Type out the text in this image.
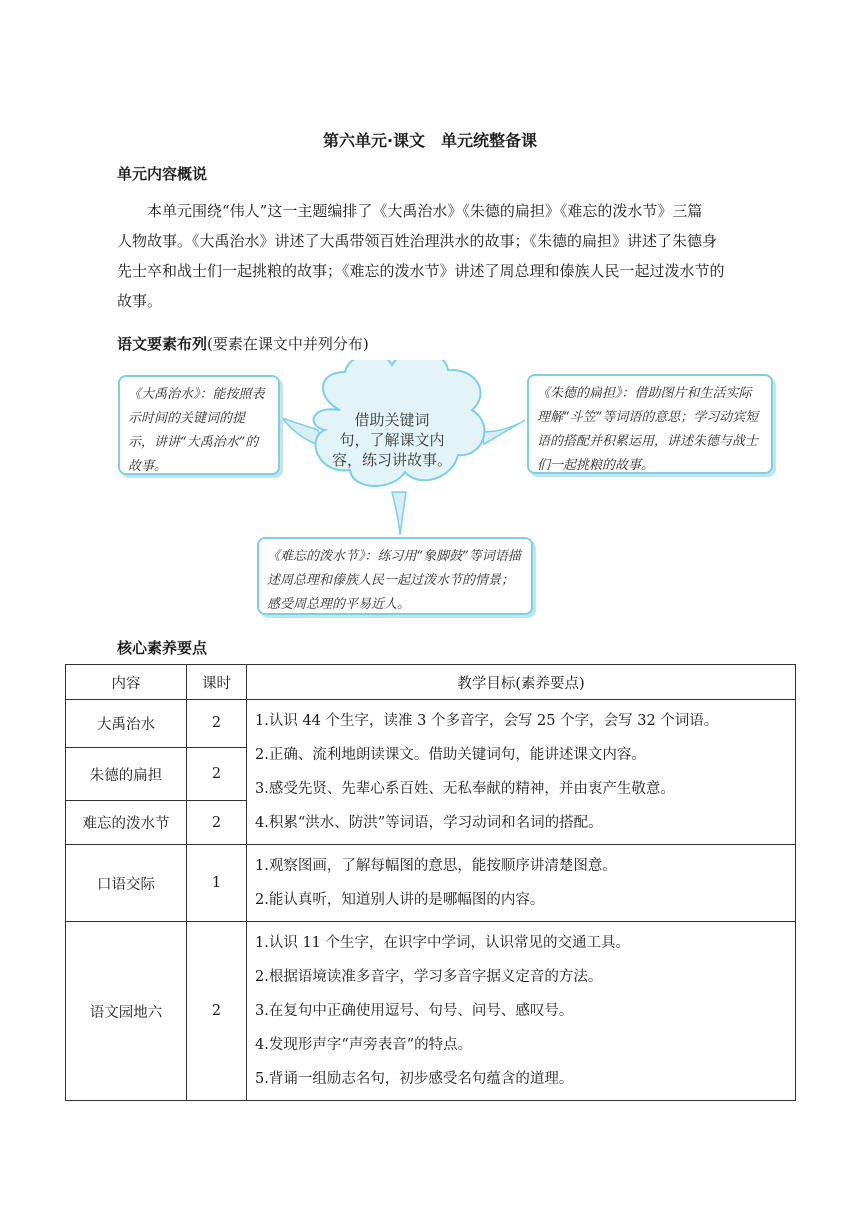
第六单元·课文　单元统整备课
单元内容概说

　　本单元围绕“伟人”这一主题编排了《大禹治水》《朱德的扁担》《难忘的泼水节》三篇

人物故事。《大禹治水》讲述了大禹带领百姓治理洪水的故事；《朱德的扁担》讲述了朱德身

先士卒和战士们一起挑粮的故事；《难忘的泼水节》讲述了周总理和傣族人民一起过泼水节的

故事。

语文要素布列(要素在课文中并列分布)
借助关键词
句，了解课文内
容，练习讲故事。
《大禹治水》：能按照表示时间的关键词的提示，讲讲“大禹治水”的故事。
《朱德的扁担》：借助图片和生活实际理解“斗笠”等词语的意思；学习动宾短语的搭配并积累运用，讲述朱德与战士们一起挑粮的故事。
《难忘的泼水节》：练习用“象脚鼓”等词语描述周总理和傣族人民一起过泼水节的情景；感受周总理的平易近人。
核心素养要点
内容	课时	教学目标(素养要点)
大禹治水	2	1.认识 44 个生字，读准 3 个多音字，会写 25 个字，会写 32 个词语。
2.正确、流利地朗读课文。借助关键词句，能讲述课文内容。
3.感受先贤、先辈心系百姓、无私奉献的精神，并由衷产生敬意。
4.积累“洪水、防洪”等词语，学习动词和名词的搭配。

朱德的扁担	2	
难忘的泼水节	2	
口语交际	1	1.观察图画，了解每幅图的意思，能按顺序讲清楚图意。
2.能认真听，知道别人讲的是哪幅图的内容。

语文园地六	2	1.认识 11 个生字，在识字中学词，认识常见的交通工具。
2.根据语境读准多音字，学习多音字据义定音的方法。
3.在复句中正确使用逗号、句号、问号、感叹号。
4.发现形声字“声旁表音”的特点。
5.背诵一组励志名句，初步感受名句蕴含的道理。
